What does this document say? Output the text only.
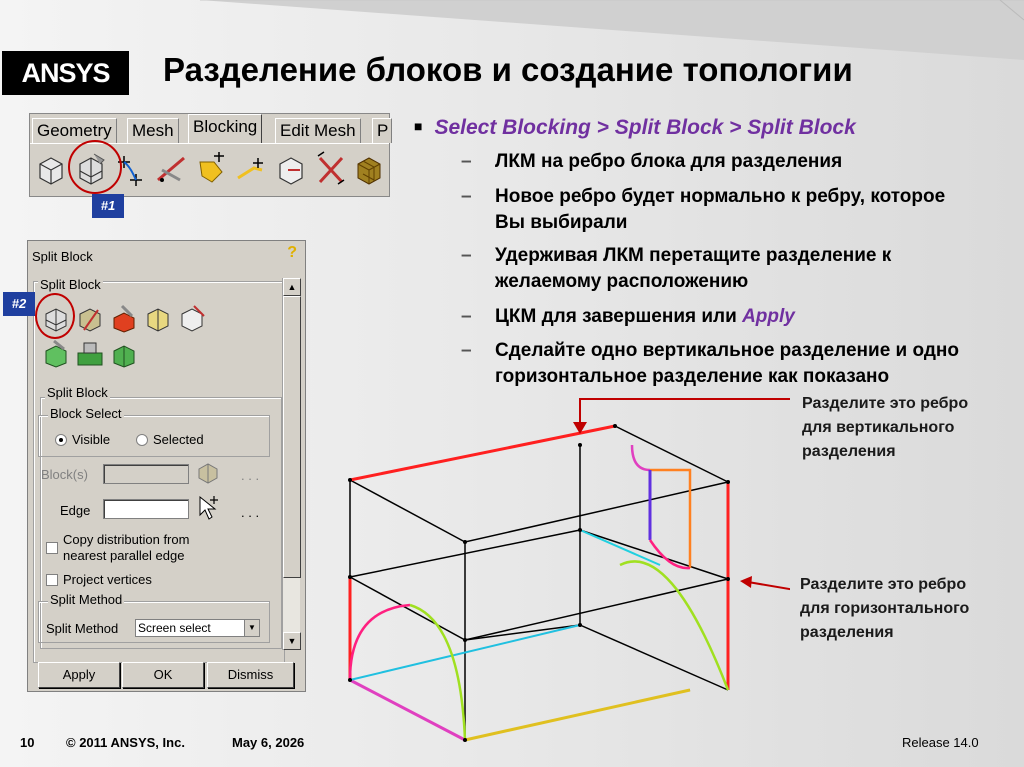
ANSYS	Разделение блоков и создание топологии
Geometry Mesh Blocking Edit Mesh P
#1
Split Block	?
Split Block
Split Block
Block Select
Visible	Selected
Block(s)	. . .
Edge	. . .
Copy distribution from
nearest parallel edge
Project vertices
Split Method
Split Method Screen select	▼
Apply	OK	Dismiss
▲
▼
#2
■ Select Blocking > Split Block > Split Block
– ЛКМ на ребро блока для разделения
– Новое ребро будет нормально к ребру, которое Вы выбирали
– Удерживая ЛКМ перетащите разделение к желаемому расположению
– ЦКМ для завершения или Apply
– Сделайте одно вертикальное разделение и одно горизонтальное разделение как показано
Разделите это ребро для вертикального разделения
Разделите это ребро для горизонтального разделения
10 © 2011 ANSYS, Inc.	May 6, 2026	Release 14.0
